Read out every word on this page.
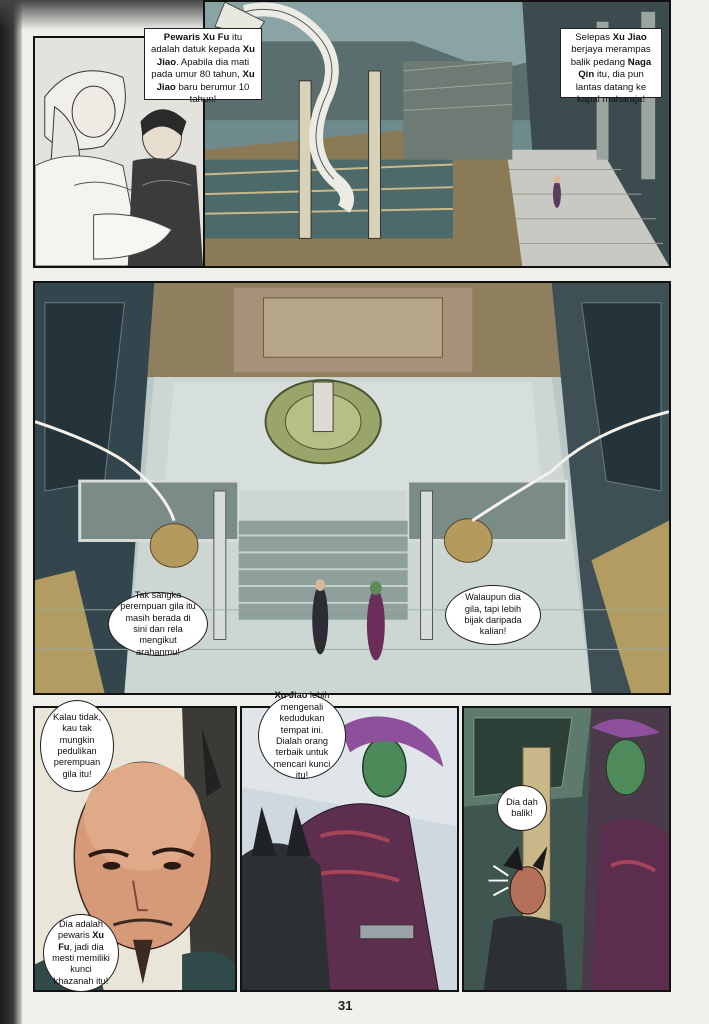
Pewaris Xu Fu itu adalah datuk kepada Xu Jiao. Apabila dia mati pada umur 80 tahun, Xu Jiao baru berumur 10 tahun!
Selepas Xu Jiao berjaya merampas balik pedang Naga Qin itu, dia pun lantas datang ke kapal maharaja!
Tak sangka perempuan gila itu masih berada di sini dan rela mengikut arahanmu!
Walaupun dia gila, tapi lebih bijak daripada kalian!
Kalau tidak, kau tak mungkin pedulikan perempuan gila itu!
Dia adalah pewaris Xu Fu, jadi dia mesti memiliki kunci khazanah itu!
Xu Jiao lebih mengenali kedudukan tempat ini. Dialah orang terbaik untuk mencari kunci itu!
Dia dah balik!
31
